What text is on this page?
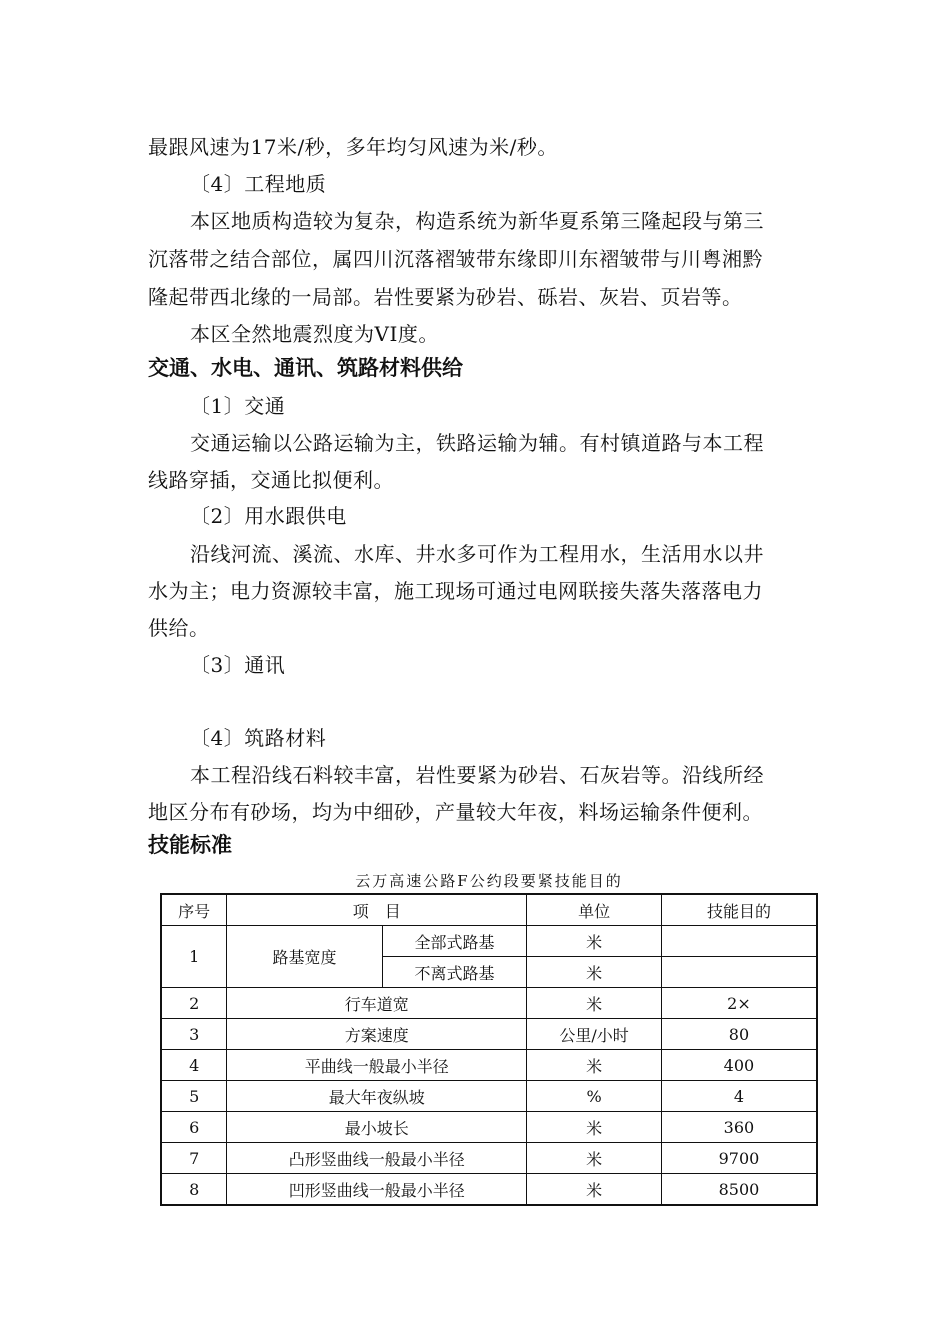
最跟风速为17米/秒，多年均匀风速为米/秒。
〔4〕工程地质
本区地质构造较为复杂，构造系统为新华夏系第三隆起段与第三
沉落带之结合部位，属四川沉落褶皱带东缘即川东褶皱带与川粤湘黔
隆起带西北缘的一局部。岩性要紧为砂岩、砾岩、灰岩、页岩等。
本区全然地震烈度为VI度。
交通、水电、通讯、筑路材料供给
〔1〕交通
交通运输以公路运输为主，铁路运输为辅。有村镇道路与本工程
线路穿插，交通比拟便利。
〔2〕用水跟供电
沿线河流、溪流、水库、井水多可作为工程用水，生活用水以井
水为主；电力资源较丰富，施工现场可通过电网联接失落失落落电力
供给。
〔3〕通讯
〔4〕筑路材料
本工程沿线石料较丰富，岩性要紧为砂岩、石灰岩等。沿线所经
地区分布有砂场，均为中细砂，产量较大年夜，料场运输条件便利。
技能标准
云万高速公路F公约段要紧技能目的
序号	项　目		单位	技能目的
1	路基宽度	全部式路基	米	
		不离式路基	米	
2	行车道宽		米	2×
3	方案速度		公里/小时	80
4	平曲线一般最小半径		米	400
5	最大年夜纵坡		%	4
6	最小坡长		米	360
7	凸形竖曲线一般最小半径		米	9700
8	凹形竖曲线一般最小半径		米	8500
